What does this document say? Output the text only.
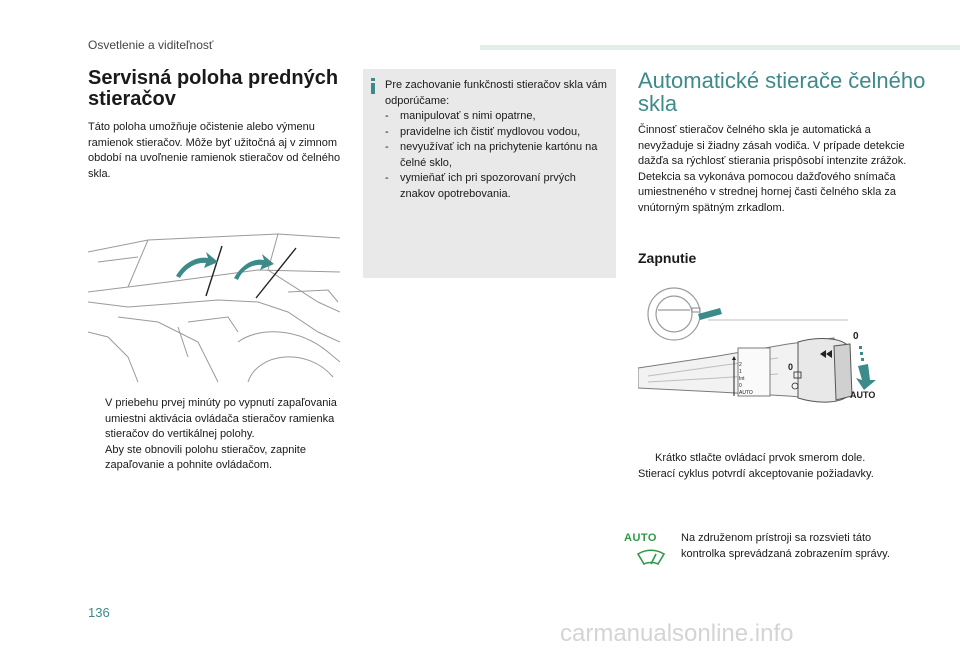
Osvetlenie a viditeľnosť
Servisná poloha predných stieračov
Táto poloha umožňuje očistenie alebo výmenu ramienok stieračov. Môže byť užitočná aj v zimnom období na uvoľnenie ramienok stieračov od čelného skla.
V priebehu prvej minúty po vypnutí zapaľovania umiestni aktivácia ovládača stieračov ramienka stieračov do vertikálnej polohy.
Aby ste obnovili polohu stieračov, zapnite zapaľovanie a pohnite ovládačom.
Pre zachovanie funkčnosti stieračov skla vám odporúčame:
-	manipulovať s nimi opatrne,
-	pravidelne ich čistiť mydlovou vodou,
-	nevyužívať ich na prichytenie kartónu na čelné sklo,
-	vymieňať ich pri spozorovaní prvých znakov opotrebovania.
Automatické stierače čelného skla
Činnosť stieračov čelného skla je automatická a nevyžaduje si žiadny zásah vodiča. V prípade detekcie dažďa sa rýchlosť stierania prispôsobí intenzite zrážok.
Detekcia sa vykonáva pomocou dažďového snímača umiestneného v strednej hornej časti čelného skla za vnútorným spätným zrkadlom.
Zapnutie
2
1
Int
0
AUTO
0
0
AUTO
Krátko stlačte ovládací prvok smerom dole.
Stierací cyklus potvrdí akceptovanie požiadavky.
AUTO	Na združenom prístroji sa rozsvieti táto kontrolka sprevádzaná zobrazením správy.
136
carmanualsonline.info
